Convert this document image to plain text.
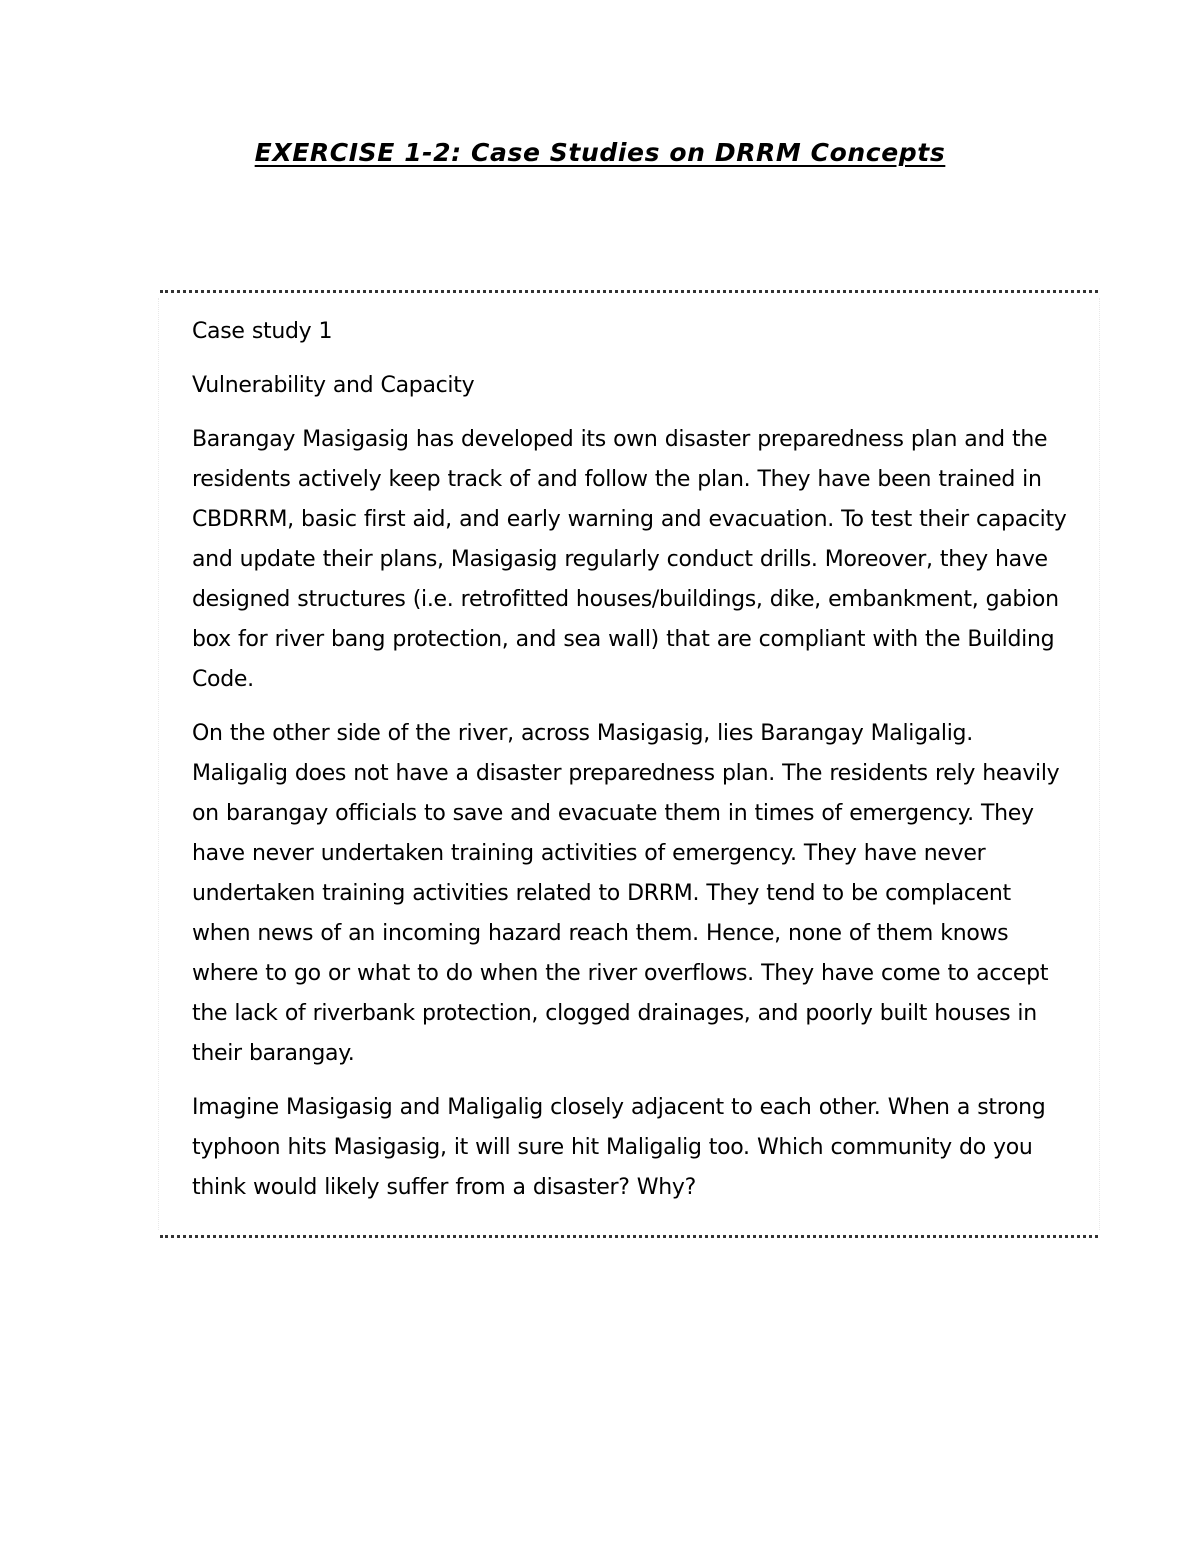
EXERCISE 1-2: Case Studies on DRRM Concepts

Case study 1

Vulnerability and Capacity

Barangay Masigasig has developed its own disaster preparedness plan and the residents actively keep track of and follow the plan. They have been trained in CBDRRM, basic first aid, and early warning and evacuation. To test their capacity and update their plans, Masigasig regularly conduct drills. Moreover, they have designed structures (i.e. retrofitted houses/buildings, dike, embankment, gabion box for river bang protection, and sea wall) that are compliant with the Building Code.

On the other side of the river, across Masigasig, lies Barangay Maligalig. Maligalig does not have a disaster preparedness plan. The residents rely heavily on barangay officials to save and evacuate them in times of emergency. They have never undertaken training activities of emergency. They have never undertaken training activities related to DRRM. They tend to be complacent when news of an incoming hazard reach them. Hence, none of them knows where to go or what to do when the river overflows. They have come to accept the lack of riverbank protection, clogged drainages, and poorly built houses in their barangay.

Imagine Masigasig and Maligalig closely adjacent to each other. When a strong typhoon hits Masigasig, it will sure hit Maligalig too. Which community do you think would likely suffer from a disaster? Why?
